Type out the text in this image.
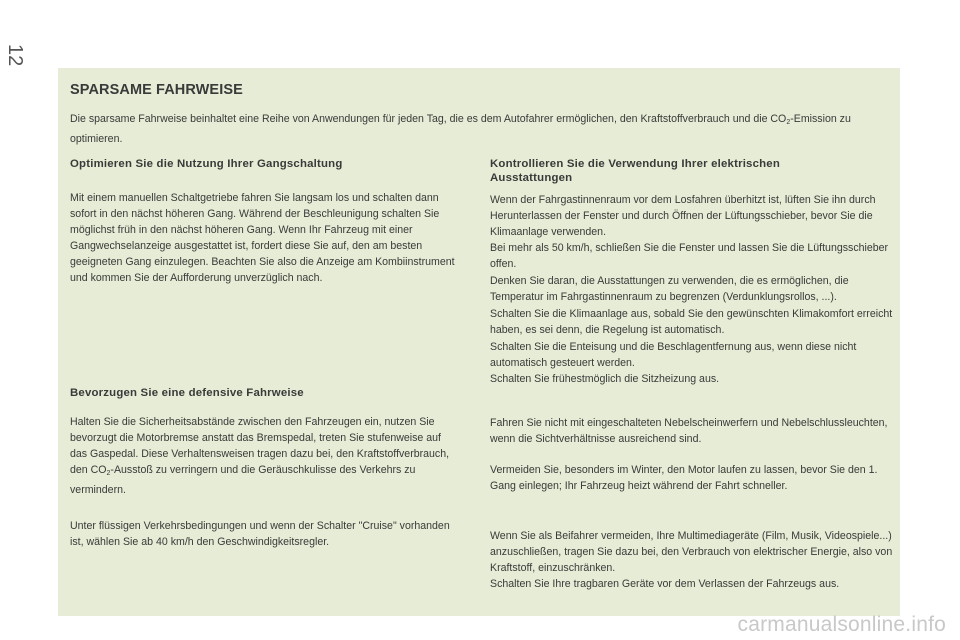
12
SPARSAME FAHRWEISE

Die sparsame Fahrweise beinhaltet eine Reihe von Anwendungen für jeden Tag, die es dem Autofahrer ermöglichen, den Kraftstoffverbrauch und die $CO_2$-Emission zu optimieren.

Optimieren Sie die Nutzung Ihrer Gangschaltung

Mit einem manuellen Schaltgetriebe fahren Sie langsam los und schalten dann sofort in den nächst höheren Gang. Während der Beschleunigung schalten Sie möglichst früh in den nächst höheren Gang. Wenn Ihr Fahrzeug mit einer Gangwechselanzeige ausgestattet ist, fordert diese Sie auf, den am besten geeigneten Gang einzulegen. Beachten Sie also die Anzeige am Kombiinstrument und kommen Sie der Aufforderung unverzüglich nach.

Bevorzugen Sie eine defensive Fahrweise

Halten Sie die Sicherheitsabstände zwischen den Fahrzeugen ein, nutzen Sie bevorzugt die Motorbremse anstatt das Bremspedal, treten Sie stufenweise auf das Gaspedal. Diese Verhaltensweisen tragen dazu bei, den Kraftstoffverbrauch, den $CO_2$-Ausstoß zu verringern und die Geräuschkulisse des Verkehrs zu vermindern.

Unter flüssigen Verkehrsbedingungen und wenn der Schalter "Cruise" vorhanden ist, wählen Sie ab 40 km/h den Geschwindigkeitsregler.

Kontrollieren Sie die Verwendung Ihrer elektrischen Ausstattungen

Wenn der Fahrgastinnenraum vor dem Losfahren überhitzt ist, lüften Sie ihn durch Herunterlassen der Fenster und durch Öffnen der Lüftungsschieber, bevor Sie die Klimaanlage verwenden.

Bei mehr als 50 km/h, schließen Sie die Fenster und lassen Sie die Lüftungsschieber offen.

Denken Sie daran, die Ausstattungen zu verwenden, die es ermöglichen, die Temperatur im Fahrgastinnenraum zu begrenzen (Verdunklungsrollos, ...).

Schalten Sie die Klimaanlage aus, sobald Sie den gewünschten Klimakomfort erreicht haben, es sei denn, die Regelung ist automatisch.

Schalten Sie die Enteisung und die Beschlagentfernung aus, wenn diese nicht automatisch gesteuert werden.

Schalten Sie frühestmöglich die Sitzheizung aus.

Fahren Sie nicht mit eingeschalteten Nebelscheinwerfern und Nebelschlussleuchten, wenn die Sichtverhältnisse ausreichend sind.

Vermeiden Sie, besonders im Winter, den Motor laufen zu lassen, bevor Sie den 1. Gang einlegen; Ihr Fahrzeug heizt während der Fahrt schneller.

Wenn Sie als Beifahrer vermeiden, Ihre Multimediageräte (Film, Musik, Videospiele...) anzuschließen, tragen Sie dazu bei, den Verbrauch von elektrischer Energie, also von Kraftstoff, einzuschränken.

Schalten Sie Ihre tragbaren Geräte vor dem Verlassen der Fahrzeugs aus.

carmanualsonline.info
